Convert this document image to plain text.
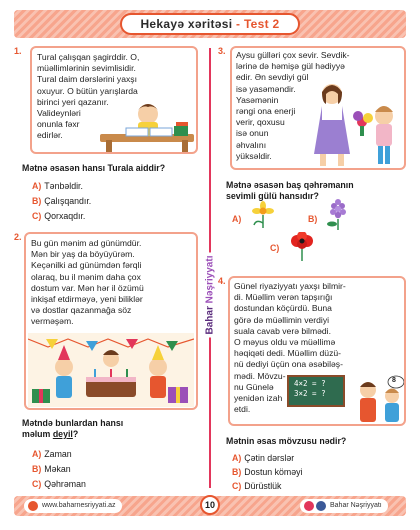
Hekayə xəritəsi - Test 2
Bahar Nəşriyyatı
1.
Tural çalışqan şagirddir. O,
müəllimlərinin sevimlisidir.
Tural daim dərslərini yaxşı
oxuyur. O bütün yarışlarda
birinci yeri qazanır.
Valideynləri
onunla fəxr
edirlər.
Mətnə əsasən hansı Turala aiddir?
A) Tənbəldir.
B) Çalışqandır.
C) Qorxaqdır.
2.
Bu gün mənim ad günümdür.
Mən bir yaş da böyüyürəm.
Keçənilki ad günümdən fərqli
olaraq, bu il mənim daha çox
dostum var. Mən hər il özümü
inkişaf etdirməyə, yeni biliklər
və dostlar qazanmağa söz
verməşəm.
Mətndə bunlardan hansı
məlum deyil?
A) Zaman
B) Məkan
C) Qəhrəman
3. Aysu gülləri çox sevir. Sevdik-
lərinə də həmişə gül hədiyyə
edir. Ən sevdiyi gül
isə yasəməndir.
Yasəmənin
rəngi ona enerji
verir, qoxusu
isə onun
əhvalını
yüksəldir.
Mətnə əsasən baş qəhrəmanın
sevimli gülü hansıdır?
A)	B)
C)
4. Günel riyaziyyatı yaxşı bilmir-
di. Müəllim verən tapşırığı
dostundan köçürdü. Buna
görə də müəllimin verdiyi
suala cavab verə bilmədi.
O məyus oldu və müəllimə
həqiqəti dedi. Müəllim düzü-
nü dediyi üçün ona əsəbiləş-
mədi. Mövzu-
nu Günelə
yenidən izah
etdi.
4×2 = ?
3×2 = ?
8
Mətnin əsas mövzusu nədir?
A) Çətin dərslər
B) Dostun köməyi
C) Dürüstlük
www.baharnesriyyati.az	10	Bahar Nəşriyyatı
